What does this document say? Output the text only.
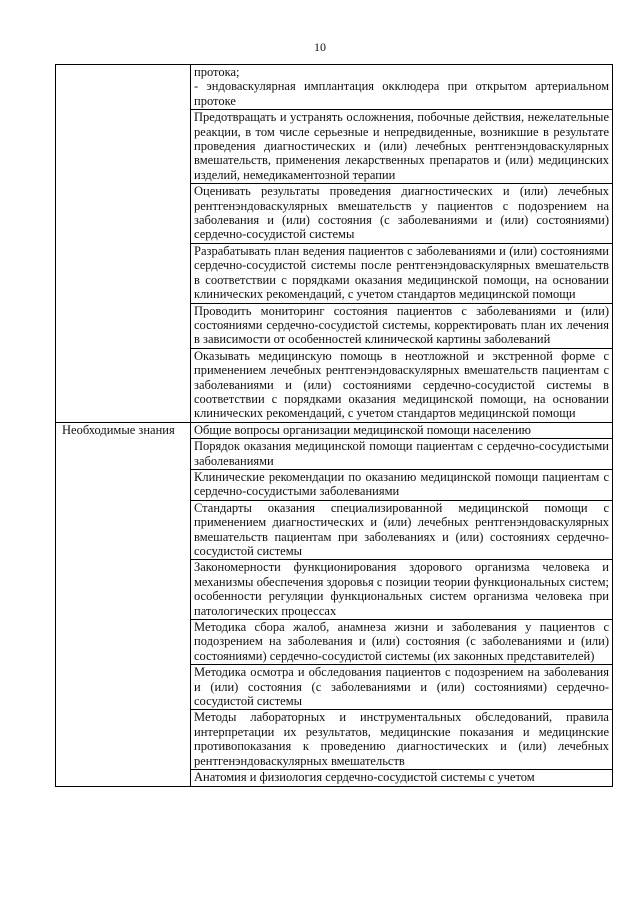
10

	протока;
- эндоваскулярная имплантация окклюдера при открытом артериальном протоке

	Предотвращать и устранять осложнения, побочные действия, нежелательные реакции, в том числе серьезные и непредвиденные, возникшие в результате проведения диагностических и (или) лечебных рентгенэндоваскулярных вмешательств, применения лекарственных препаратов и (или) медицинских изделий, немедикаментозной терапии
	Оценивать результаты проведения диагностических и (или) лечебных рентгенэндоваскулярных вмешательств у пациентов с подозрением на заболевания и (или) состояния (с заболеваниями и (или) состояниями) сердечно-сосудистой системы
	Разрабатывать план ведения пациентов с заболеваниями и (или) состояниями сердечно-сосудистой системы после рентгенэндоваскулярных вмешательств в соответствии с порядками оказания медицинской помощи, на основании клинических рекомендаций, с учетом стандартов медицинской помощи
	Проводить мониторинг состояния пациентов с заболеваниями и (или) состояниями сердечно-сосудистой системы, корректировать план их лечения в зависимости от особенностей клинической картины заболеваний
	Оказывать медицинскую помощь в неотложной и экстренной форме с применением лечебных рентгенэндоваскулярных вмешательств пациентам с заболеваниями и (или) состояниями сердечно-сосудистой системы в соответствии с порядками оказания медицинской помощи, на основании клинических рекомендаций, с учетом стандартов медицинской помощи
Необходимые знания	Общие вопросы организации медицинской помощи населению
	Порядок оказания медицинской помощи пациентам с сердечно-сосудистыми заболеваниями
	Клинические рекомендации по оказанию медицинской помощи пациентам с сердечно-сосудистыми заболеваниями
	Стандарты оказания специализированной медицинской помощи с применением диагностических и (или) лечебных рентгенэндоваскулярных вмешательств пациентам при заболеваниях и (или) состояниях сердечно-сосудистой системы
	Закономерности функционирования здорового организма человека и механизмы обеспечения здоровья с позиции теории функциональных систем; особенности регуляции функциональных систем организма человека при патологических процессах
	Методика сбора жалоб, анамнеза жизни и заболевания у пациентов с подозрением на заболевания и (или) состояния (с заболеваниями и (или) состояниями) сердечно-сосудистой системы (их законных представителей)
	Методика осмотра и обследования пациентов с подозрением на заболевания и (или) состояния (с заболеваниями и (или) состояниями) сердечно-сосудистой системы
	Методы лабораторных и инструментальных обследований, правила интерпретации их результатов, медицинские показания и медицинские противопоказания к проведению диагностических и (или) лечебных рентгенэндоваскулярных вмешательств
	Анатомия и физиология сердечно-сосудистой системы с учетом
